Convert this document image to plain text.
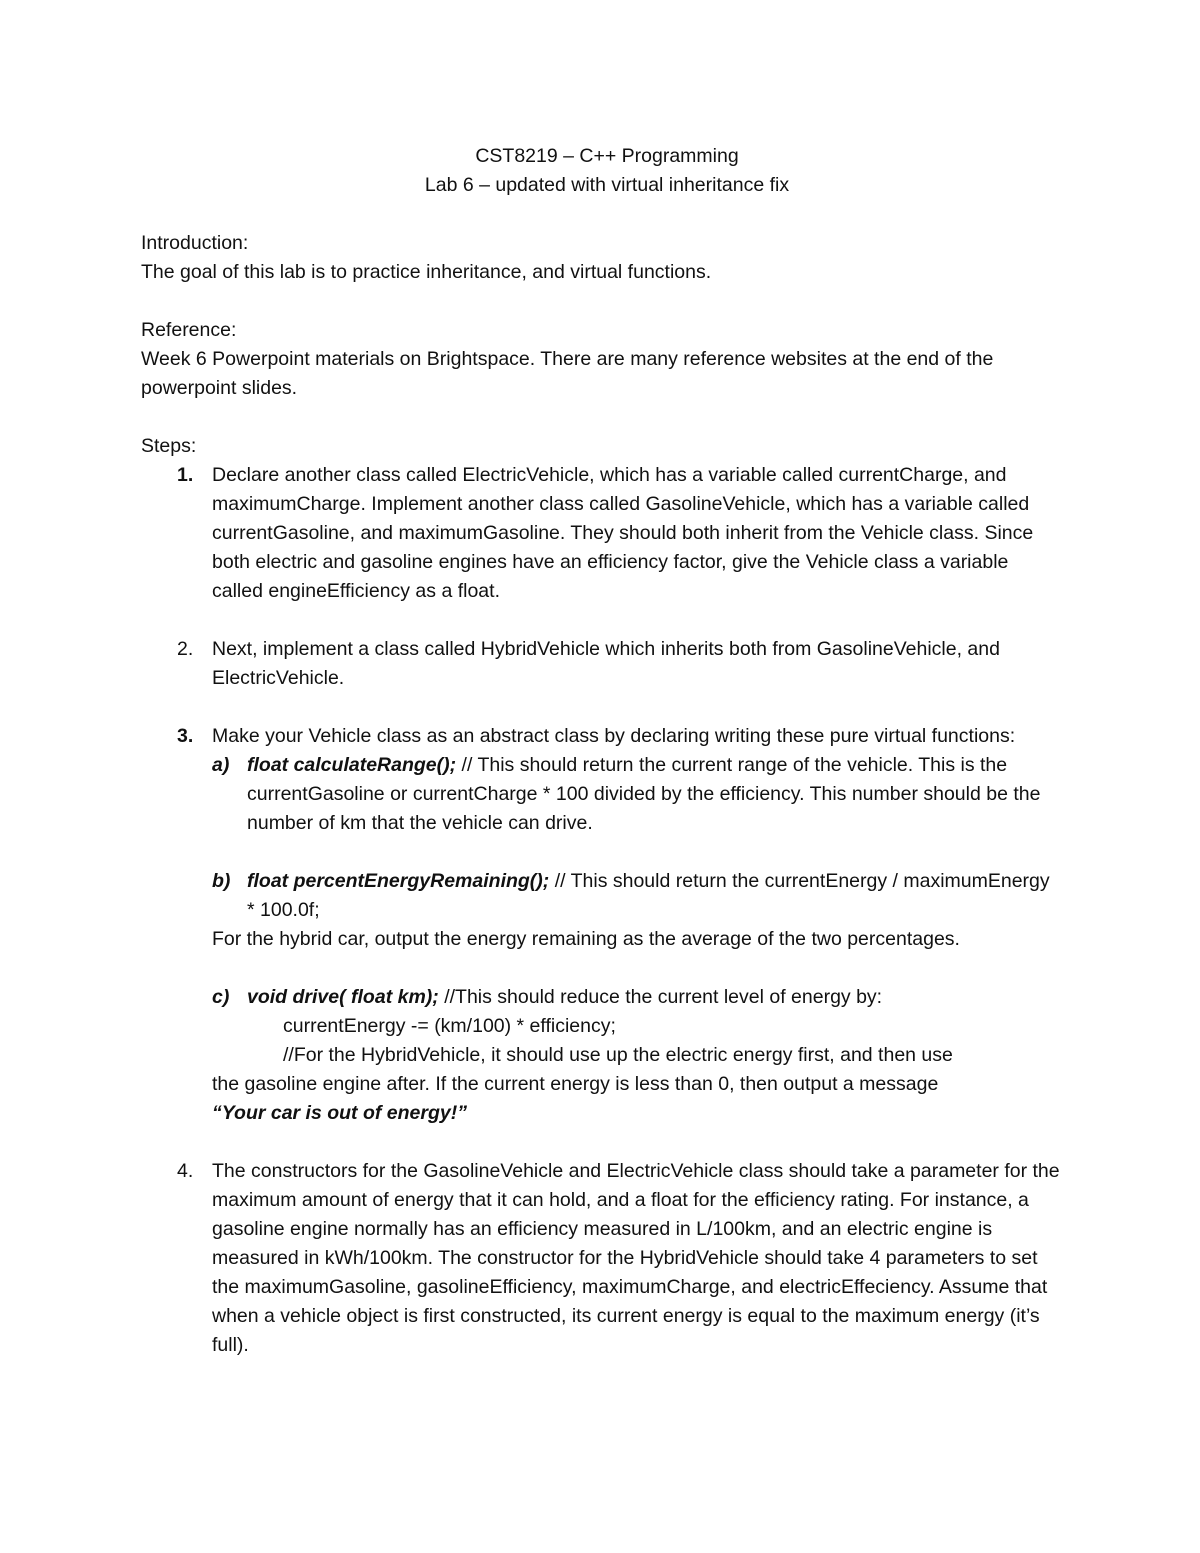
CST8219 – C++ Programming

Lab 6 – updated with virtual inheritance fix

Introduction:

The goal of this lab is to practice inheritance, and virtual functions.

Reference:

Week 6 Powerpoint materials on Brightspace. There are many reference websites at the end of the powerpoint slides.

Steps:

1. Declare another class called ElectricVehicle, which has a variable called currentCharge, and maximumCharge. Implement another class called GasolineVehicle, which has a variable called currentGasoline, and maximumGasoline. They should both inherit from the Vehicle class. Since both electric and gasoline engines have an efficiency factor, give the Vehicle class a variable called engineEfficiency as a float.

2. Next, implement a class called HybridVehicle which inherits both from GasolineVehicle, and ElectricVehicle.

3. Make your Vehicle class as an abstract class by declaring writing these pure virtual functions:

a) float calculateRange(); // This should return the current range of the vehicle. This is the currentGasoline or currentCharge * 100 divided by the efficiency. This number should be the number of km that the vehicle can drive.

b) float percentEnergyRemaining(); // This should return the currentEnergy / maximumEnergy * 100.0f;

For the hybrid car, output the energy remaining as the average of the two percentages.

c) void drive( float km); //This should reduce the current level of energy by:

currentEnergy -= (km/100) * efficiency;

//For the HybridVehicle, it should use up the electric energy first, and then use

the gasoline engine after. If the current energy is less than 0, then output a message

“Your car is out of energy!”

4. The constructors for the GasolineVehicle and ElectricVehicle class should take a parameter for the maximum amount of energy that it can hold, and a float for the efficiency rating. For instance, a gasoline engine normally has an efficiency measured in L/100km, and an electric engine is measured in kWh/100km. The constructor for the HybridVehicle should take 4 parameters to set the maximumGasoline, gasolineEfficiency, maximumCharge, and electricEffeciency. Assume that when a vehicle object is first constructed, its current energy is equal to the maximum energy (it’s full).
